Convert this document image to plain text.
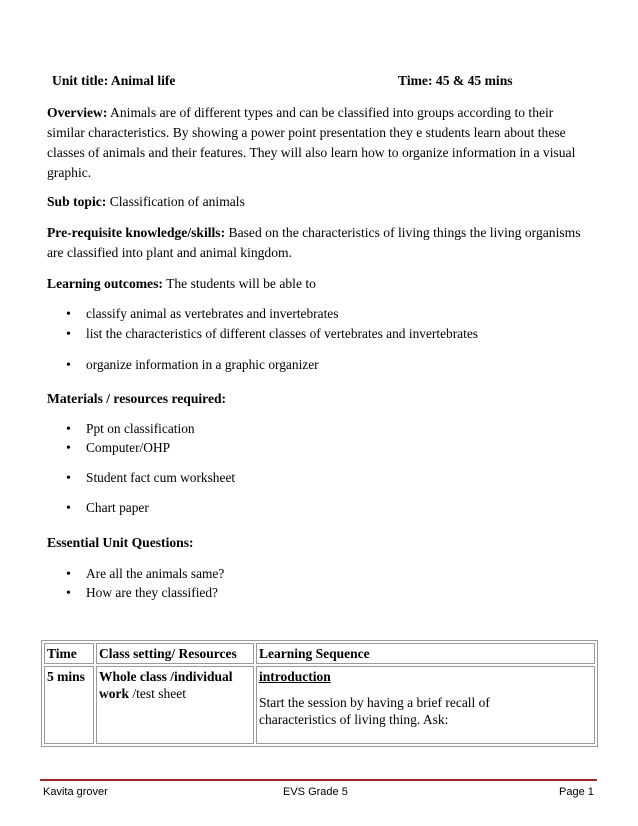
Unit title: Animal life	Time: 45 & 45 mins

Overview: Animals are of different types and can be classified into groups according to their similar characteristics. By showing a power point presentation they e students learn about these classes of animals and their features. They will also learn how to organize information in a visual graphic.

Sub topic: Classification of animals

Pre-requisite knowledge/skills: Based on the characteristics of living things the living organisms are classified into plant and animal kingdom.

Learning outcomes: The students will be able to

• classify animal as vertebrates and invertebrates
• list the characteristics of different classes of vertebrates and invertebrates
• organize information in a graphic organizer

Materials / resources required:

• Ppt on classification
• Computer/OHP
• Student fact cum worksheet
• Chart paper

Essential Unit Questions:

• Are all the animals same?
• How are they classified?
Time	Class setting/ Resources	Learning Sequence
5 mins	Whole class /individual work /test sheet	introduction
Start the session by having a brief recall of characteristics of living thing. Ask:
Kavita grover	EVS Grade 5	Page 1
